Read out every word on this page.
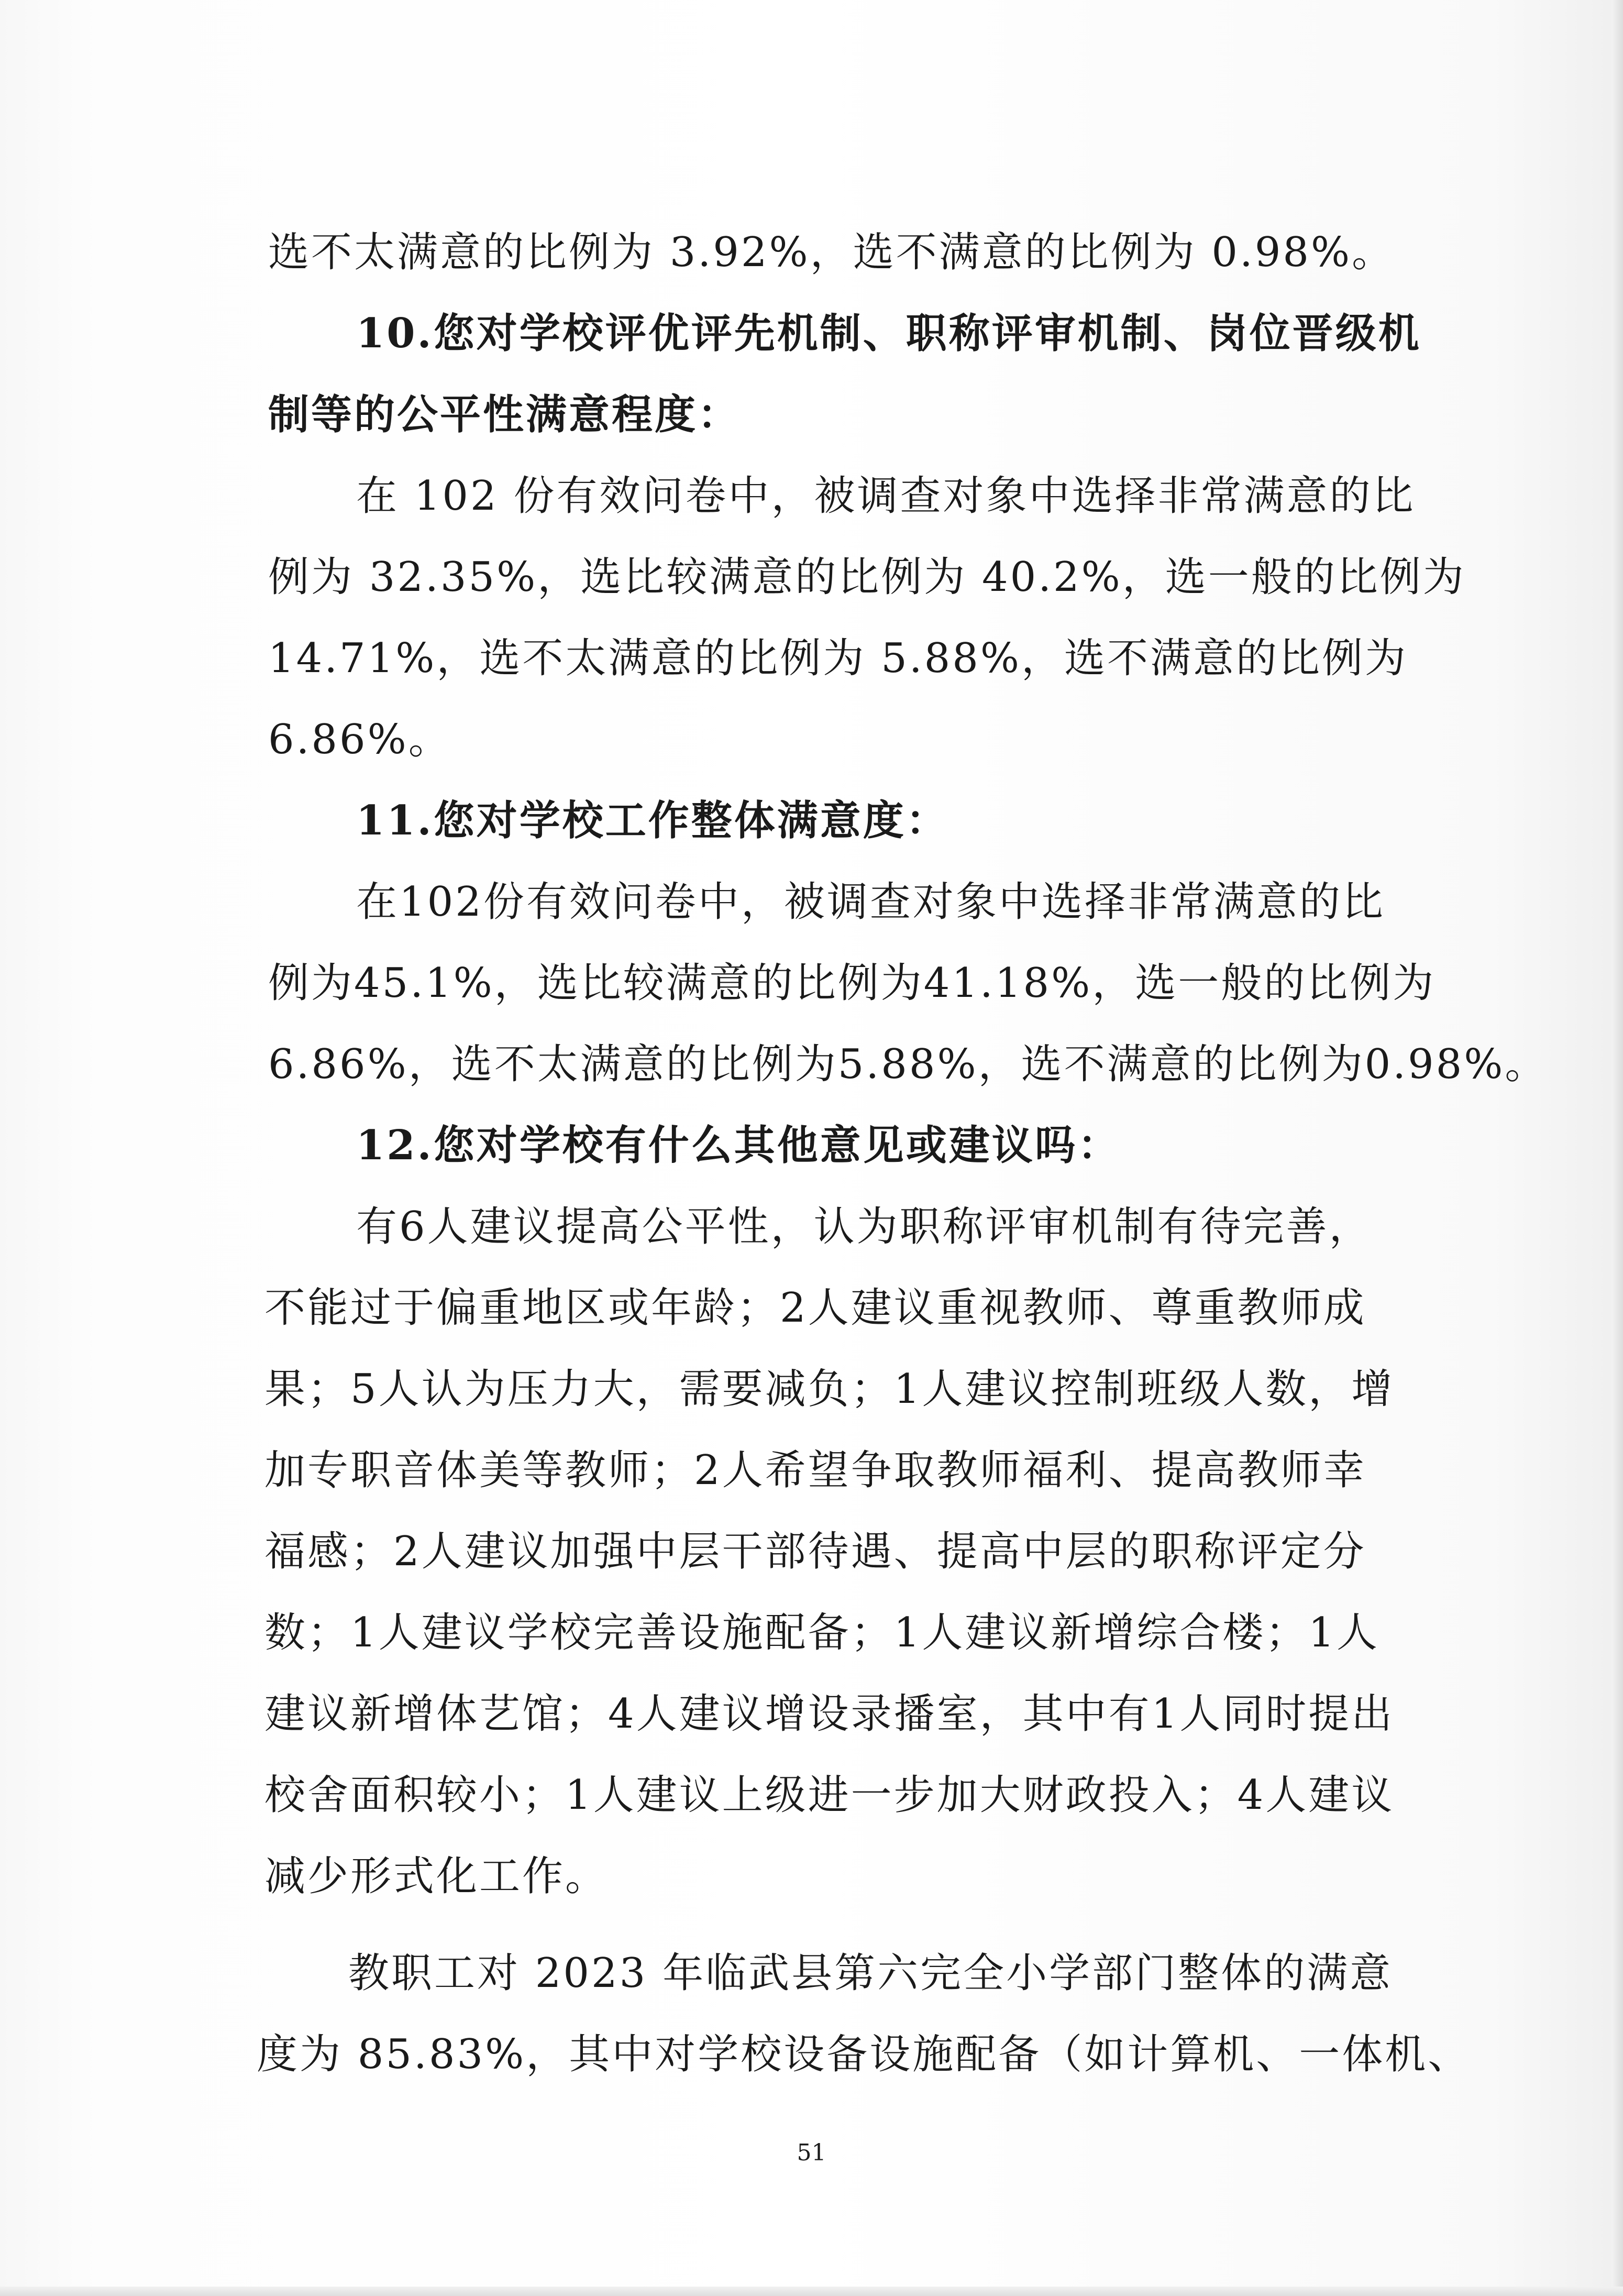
选不太满意的比例为 3.92%，选不满意的比例为 0.98%。
10.您对学校评优评先机制、职称评审机制、岗位晋级机
制等的公平性满意程度：
在 102 份有效问卷中，被调查对象中选择非常满意的比
例为 32.35%，选比较满意的比例为 40.2%，选一般的比例为
14.71%，选不太满意的比例为 5.88%，选不满意的比例为
6.86%。
11.您对学校工作整体满意度：
在102份有效问卷中，被调查对象中选择非常满意的比
例为45.1%，选比较满意的比例为41.18%，选一般的比例为
6.86%，选不太满意的比例为5.88%，选不满意的比例为0.98%。
12.您对学校有什么其他意见或建议吗：
有6人建议提高公平性，认为职称评审机制有待完善，
不能过于偏重地区或年龄；2人建议重视教师、尊重教师成
果；5人认为压力大，需要减负；1人建议控制班级人数，增
加专职音体美等教师；2人希望争取教师福利、提高教师幸
福感；2人建议加强中层干部待遇、提高中层的职称评定分
数；1人建议学校完善设施配备；1人建议新增综合楼；1人
建议新增体艺馆；4人建议增设录播室，其中有1人同时提出
校舍面积较小；1人建议上级进一步加大财政投入；4人建议
减少形式化工作。
教职工对 2023 年临武县第六完全小学部门整体的满意
度为 85.83%，其中对学校设备设施配备（如计算机、一体机、
51
